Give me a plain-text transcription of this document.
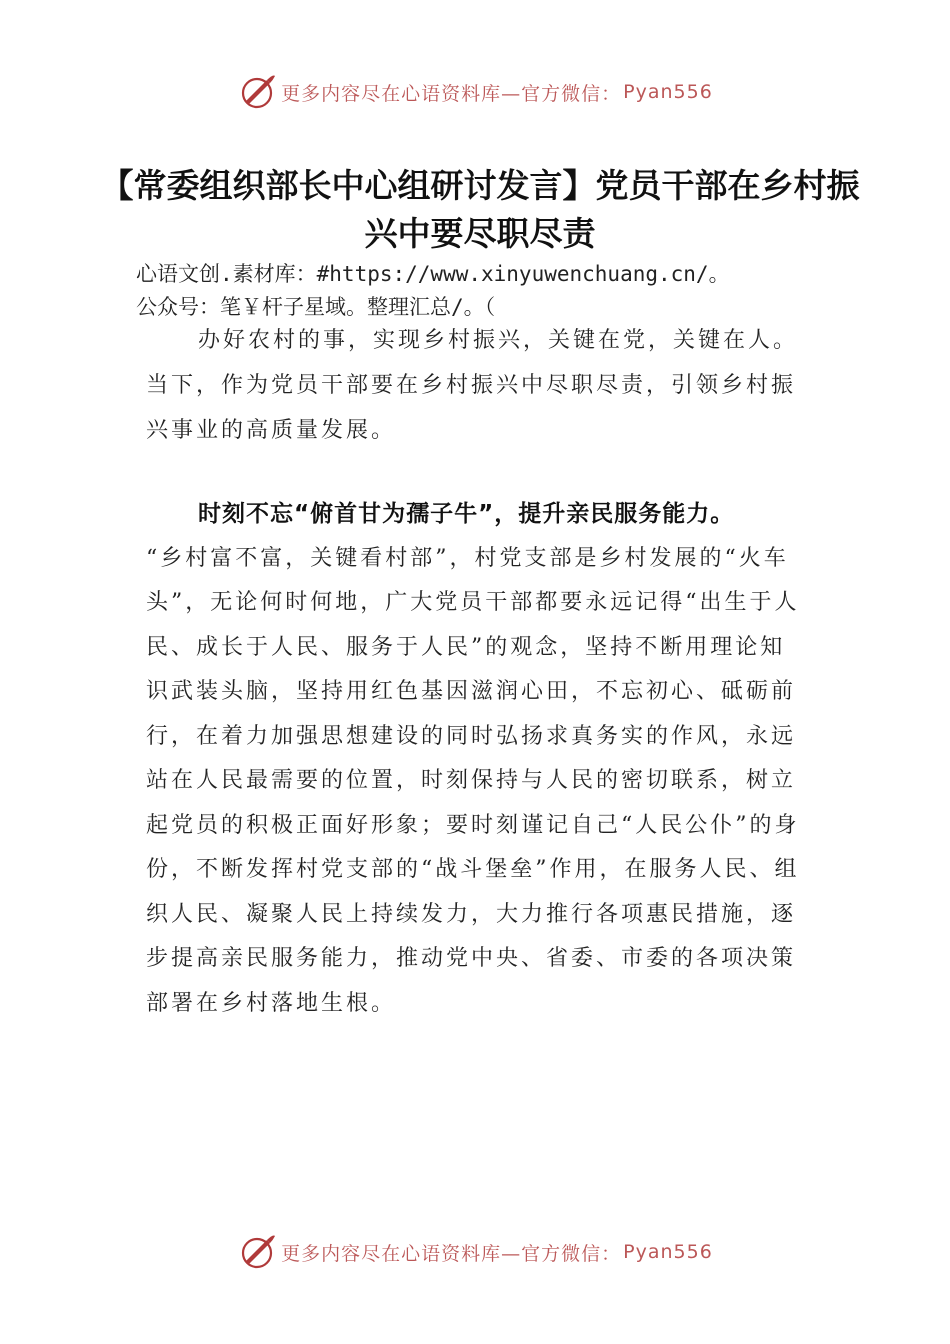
更多内容尽在心语资料库—官方微信： Pyan556
【常委组织部长中心组研讨发言】党员干部在乡村振兴中要尽职尽责
心语文创.素材库：#https://www.xinyuwenchuang.cn/。
公众号：笔￥杆子星域。整理汇总/。（
办好农村的事，实现乡村振兴，关键在党，关键在人。当下，作为党员干部要在乡村振兴中尽职尽责，引领乡村振兴事业的高质量发展。
时刻不忘“俯首甘为孺子牛”，提升亲民服务能力。
“乡村富不富，关键看村部”，村党支部是乡村发展的“火车头”，无论何时何地，广大党员干部都要永远记得“出生于人民、成长于人民、服务于人民”的观念，坚持不断用理论知识武装头脑，坚持用红色基因滋润心田，不忘初心、砥砺前行，在着力加强思想建设的同时弘扬求真务实的作风，永远站在人民最需要的位置，时刻保持与人民的密切联系，树立起党员的积极正面好形象；要时刻谨记自己“人民公仆”的身份，不断发挥村党支部的“战斗堡垒”作用，在服务人民、组织人民、凝聚人民上持续发力，大力推行各项惠民措施，逐步提高亲民服务能力，推动党中央、省委、市委的各项决策部署在乡村落地生根。
更多内容尽在心语资料库—官方微信： Pyan556
